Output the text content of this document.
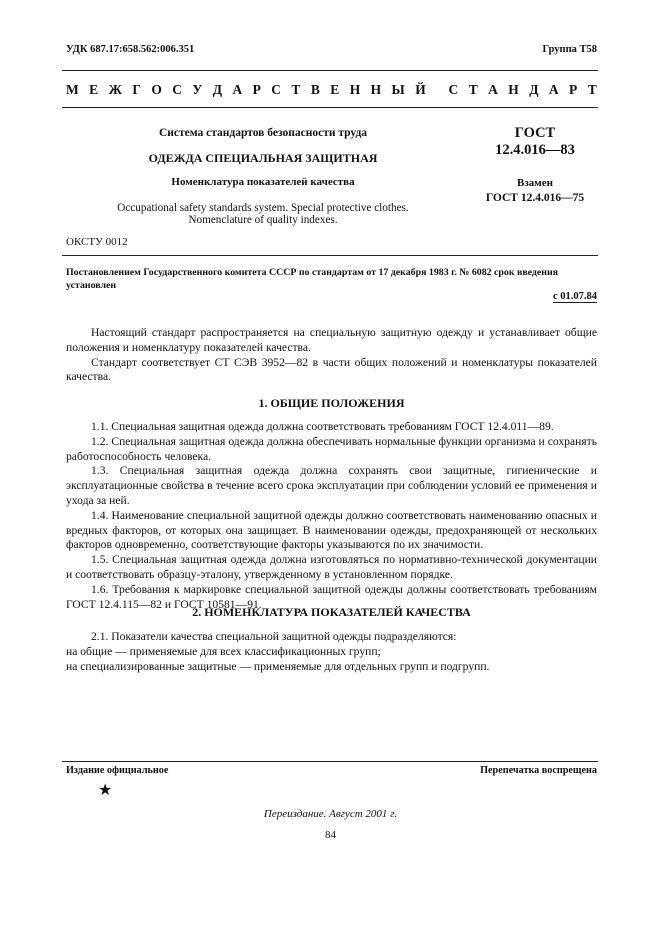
УДК 687.17:658.562:006.351	Группа Т58
М Е Ж Г О С У Д А Р С Т В Е Н Н Ы Й С Т А Н Д А Р Т
Система стандартов безопасности труда
ОДЕЖДА СПЕЦИАЛЬНАЯ ЗАЩИТНАЯ
Номенклатура показателей качества
Occupational safety standards system. Special protective clothes.
Nomenclature of quality indexes.
ГОСТ
12.4.016—83
Взамен
ГОСТ 12.4.016—75
ОКСТУ 0012
Постановлением Государственного комитета СССР по стандартам от 17 декабря 1983 г. № 6082 срок введения
установлен
с 01.07.84

Настоящий стандарт распространяется на специальную защитную одежду и устанавливает общие положения и номенклатуру показателей качества.

Стандарт соответствует СТ СЭВ 3952—82 в части общих положений и номенклатуры показателей качества.

1. ОБЩИЕ ПОЛОЖЕНИЯ

1.1. Специальная защитная одежда должна соответствовать требованиям ГОСТ 12.4.011—89.

1.2. Специальная защитная одежда должна обеспечивать нормальные функции организма и сохранять работоспособность человека.

1.3. Специальная защитная одежда должна сохранять свои защитные, гигиенические и эксплуатационные свойства в течение всего срока эксплуатации при соблюдении условий ее применения и ухода за ней.

1.4. Наименование специальной защитной одежды должно соответствовать наименованию опасных и вредных факторов, от которых она защищает. В наименовании одежды, предохраняющей от нескольких факторов одновременно, соответствующие факторы указываются по их значимости.

1.5. Специальная защитная одежда должна изготовляться по нормативно-технической документации и соответствовать образцу-эталону, утвержденному в установленном порядке.

1.6. Требования к маркировке специальной защитной одежды должны соответствовать требованиям ГОСТ 12.4.115—82 и ГОСТ 10581—91.

2. НОМЕНКЛАТУРА ПОКАЗАТЕЛЕЙ КАЧЕСТВА

2.1. Показатели качества специальной защитной одежды подразделяются:

на общие — применяемые для всех классификационных групп;

на специализированные защитные — применяемые для отдельных групп и подгрупп.

Издание официальное	Перепечатка воспрещена
★
Переиздание. Август 2001 г.
84
